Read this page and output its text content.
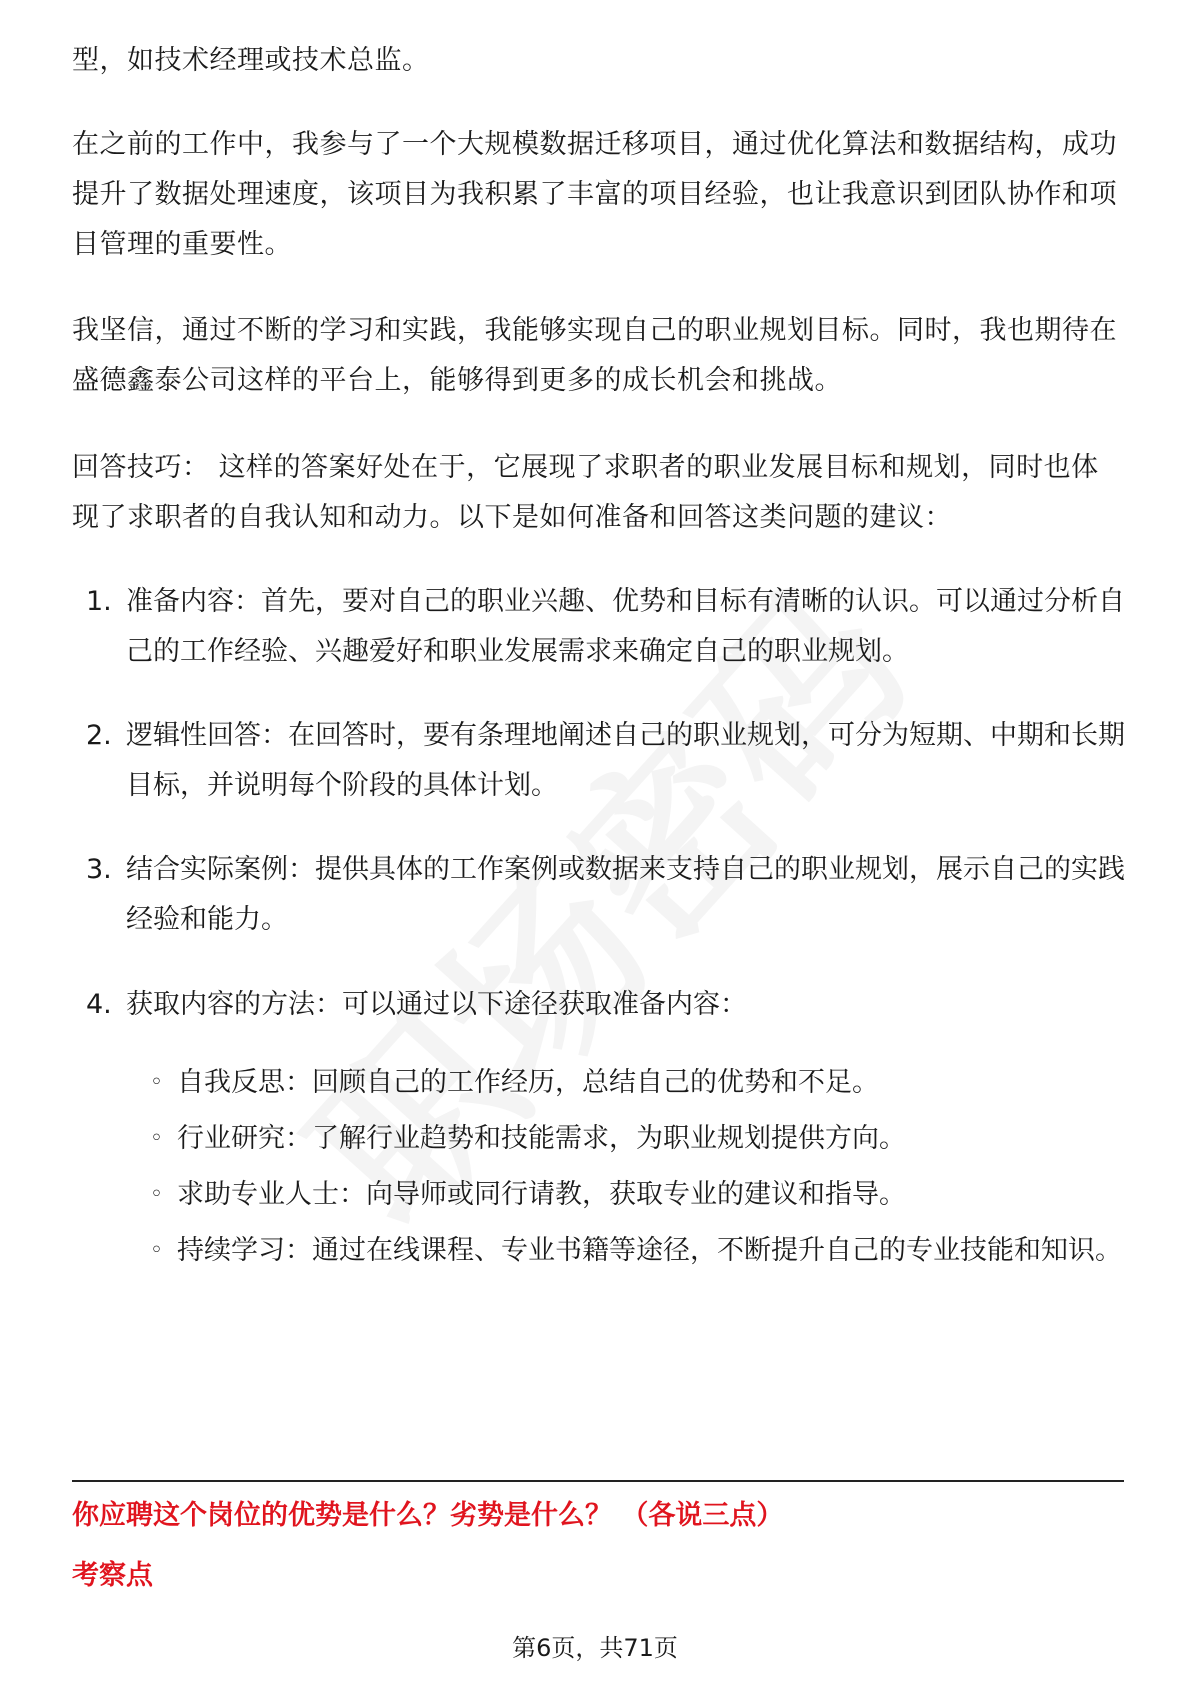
型，如技术经理或技术总监。

在之前的工作中，我参与了一个大规模数据迁移项目，通过优化算法和数据结构，成功提升了数据处理速度，该项目为我积累了丰富的项目经验，也让我意识到团队协作和项目管理的重要性。

我坚信，通过不断的学习和实践，我能够实现自己的职业规划目标。同时，我也期待在盛德鑫泰公司这样的平台上，能够得到更多的成长机会和挑战。

回答技巧： 这样的答案好处在于，它展现了求职者的职业发展目标和规划，同时也体现了求职者的自我认知和动力。以下是如何准备和回答这类问题的建议：

1. 准备内容：首先，要对自己的职业兴趣、优势和目标有清晰的认识。可以通过分析自己的工作经验、兴趣爱好和职业发展需求来确定自己的职业规划。
2. 逻辑性回答：在回答时，要有条理地阐述自己的职业规划，可分为短期、中期和长期目标，并说明每个阶段的具体计划。
3. 结合实际案例：提供具体的工作案例或数据来支持自己的职业规划，展示自己的实践经验和能力。
4. 获取内容的方法：可以通过以下途径获取准备内容：
◦ 自我反思：回顾自己的工作经历，总结自己的优势和不足。
◦ 行业研究：了解行业趋势和技能需求，为职业规划提供方向。
◦ 求助专业人士：向导师或同行请教，获取专业的建议和指导。
◦ 持续学习：通过在线课程、专业书籍等途径，不断提升自己的专业技能和知识。
你应聘这个岗位的优势是什么？劣势是什么？ （各说三点）
考察点
第6页，共71页
